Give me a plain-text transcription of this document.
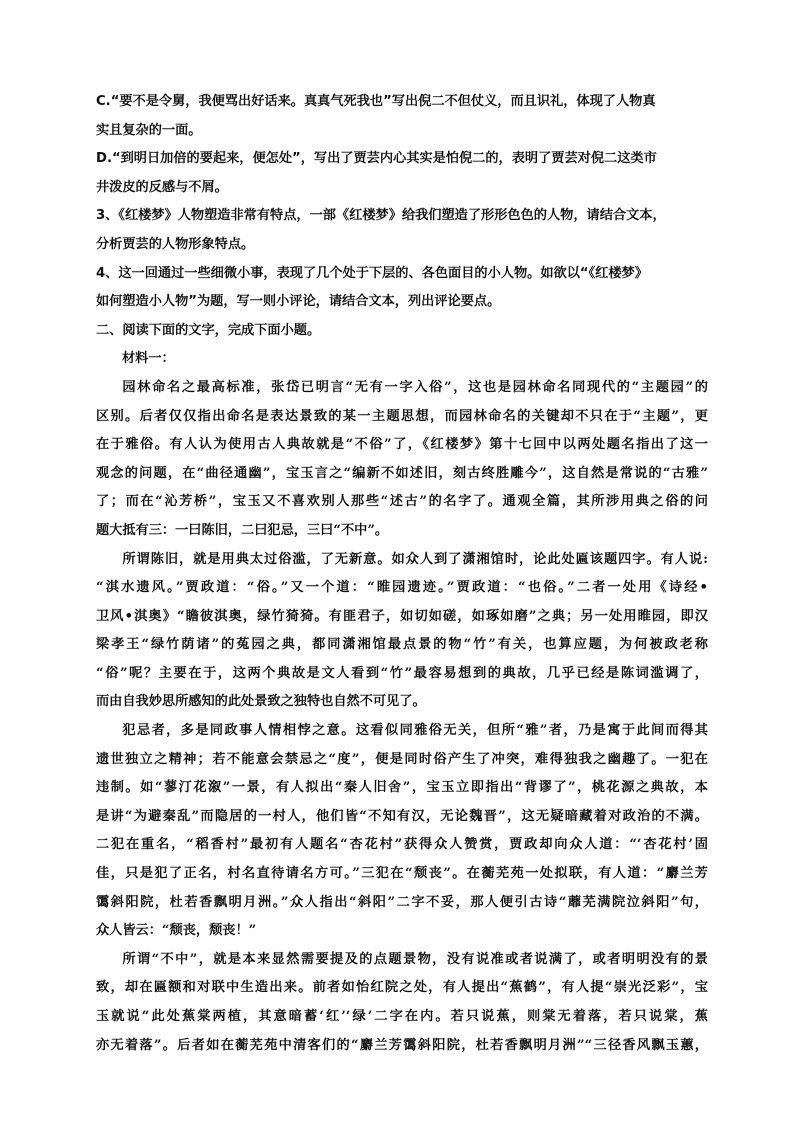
C.“要不是令舅，我便骂出好话来。真真气死我也”写出倪二不但仗义，而且识礼，体现了人物真

实且复杂的一面。

D.“到明日加倍的要起来，便怎处”，写出了贾芸内心其实是怕倪二的，表明了贾芸对倪二这类市

井泼皮的反感与不屑。

3、《红楼梦》人物塑造非常有特点，一部《红楼梦》给我们塑造了形形色色的人物，请结合文本，

分析贾芸的人物形象特点。

4、这一回通过一些细微小事，表现了几个处于下层的、各色面目的小人物。如欲以“《红楼梦》

如何塑造小人物”为题，写一则小评论，请结合文本，列出评论要点。

二、阅读下面的文字，完成下面小题。

材料一：

园林命名之最高标准，张岱已明言“无有一字入俗”，这也是园林命名同现代的“主题园”的
区别。后者仅仅指出命名是表达景致的某一主题思想，而园林命名的关键却不只在于“主题”，更
在于雅俗。有人认为使用古人典故就是“不俗”了，《红楼梦》第十七回中以两处题名指出了这一
观念的问题，在“曲径通幽”，宝玉言之“编新不如述旧，刻古终胜雕今”，这自然是常说的“古雅”
了；而在“沁芳桥”，宝玉又不喜欢别人那些“述古”的名字了。通观全篇，其所涉用典之俗的问
题大抵有三：一曰陈旧，二曰犯忌，三曰“不中”。
所谓陈旧，就是用典太过俗滥，了无新意。如众人到了潇湘馆时，论此处匾该题四字。有人说:
“淇水遗风。”贾政道：“俗。”又一个道：“睢园遗迹。”贾政道：“也俗。”二者一处用《诗经•
卫风•淇奥》“瞻彼淇奥，绿竹猗猗。有匪君子，如切如磋，如琢如磨”之典；另一处用睢园，即汉
梁孝王“绿竹荫诸”的菟园之典，都同潇湘馆最点景的物“竹”有关，也算应题，为何被政老称
“俗”呢？主要在于，这两个典故是文人看到“竹”最容易想到的典故，几乎已经是陈词滥调了，
而由自我妙思所感知的此处景致之独特也自然不可见了。
犯忌者，多是同政事人情相悖之意。这看似同雅俗无关，但所“雅”者，乃是寓于此间而得其
遗世独立之精神；若不能意会禁忌之“度”，便是同时俗产生了冲突，难得独我之幽趣了。一犯在
违制。如“蓼汀花溆”一景，有人拟出“秦人旧舍”，宝玉立即指出“背谬了”，桃花源之典故，本
是讲“为避秦乱”而隐居的一村人，他们皆“不知有汉，无论魏晋”，这无疑暗藏着对政治的不满。
二犯在重名，“稻香村”最初有人题名“杏花村”获得众人赞赏，贾政却向众人道：“‘杏花村’固
佳，只是犯了正名，村名直待请名方可。”三犯在“颓丧”。在蘅芜苑一处拟联，有人道：“麝兰芳
霭斜阳院，杜若香飘明月洲。”众人指出“斜阳”二字不妥，那人便引古诗“蘼芜满院泣斜阳”句，
众人皆云：“颓丧，颓丧！”
所谓“不中”，就是本来显然需要提及的点题景物，没有说准或者说满了，或者明明没有的景
致，却在匾额和对联中生造出来。前者如怡红院之处，有人提出“蕉鹤”，有人提“崇光泛彩”，宝
玉就说“此处蕉棠两植，其意暗蓄‘红’‘绿’二字在内。若只说蕉，则棠无着落，若只说棠，蕉
亦无着落”。后者如在蘅芜苑中清客们的“麝兰芳霭斜阳院，杜若香飘明月洲”“三径香风飘玉蕙，
